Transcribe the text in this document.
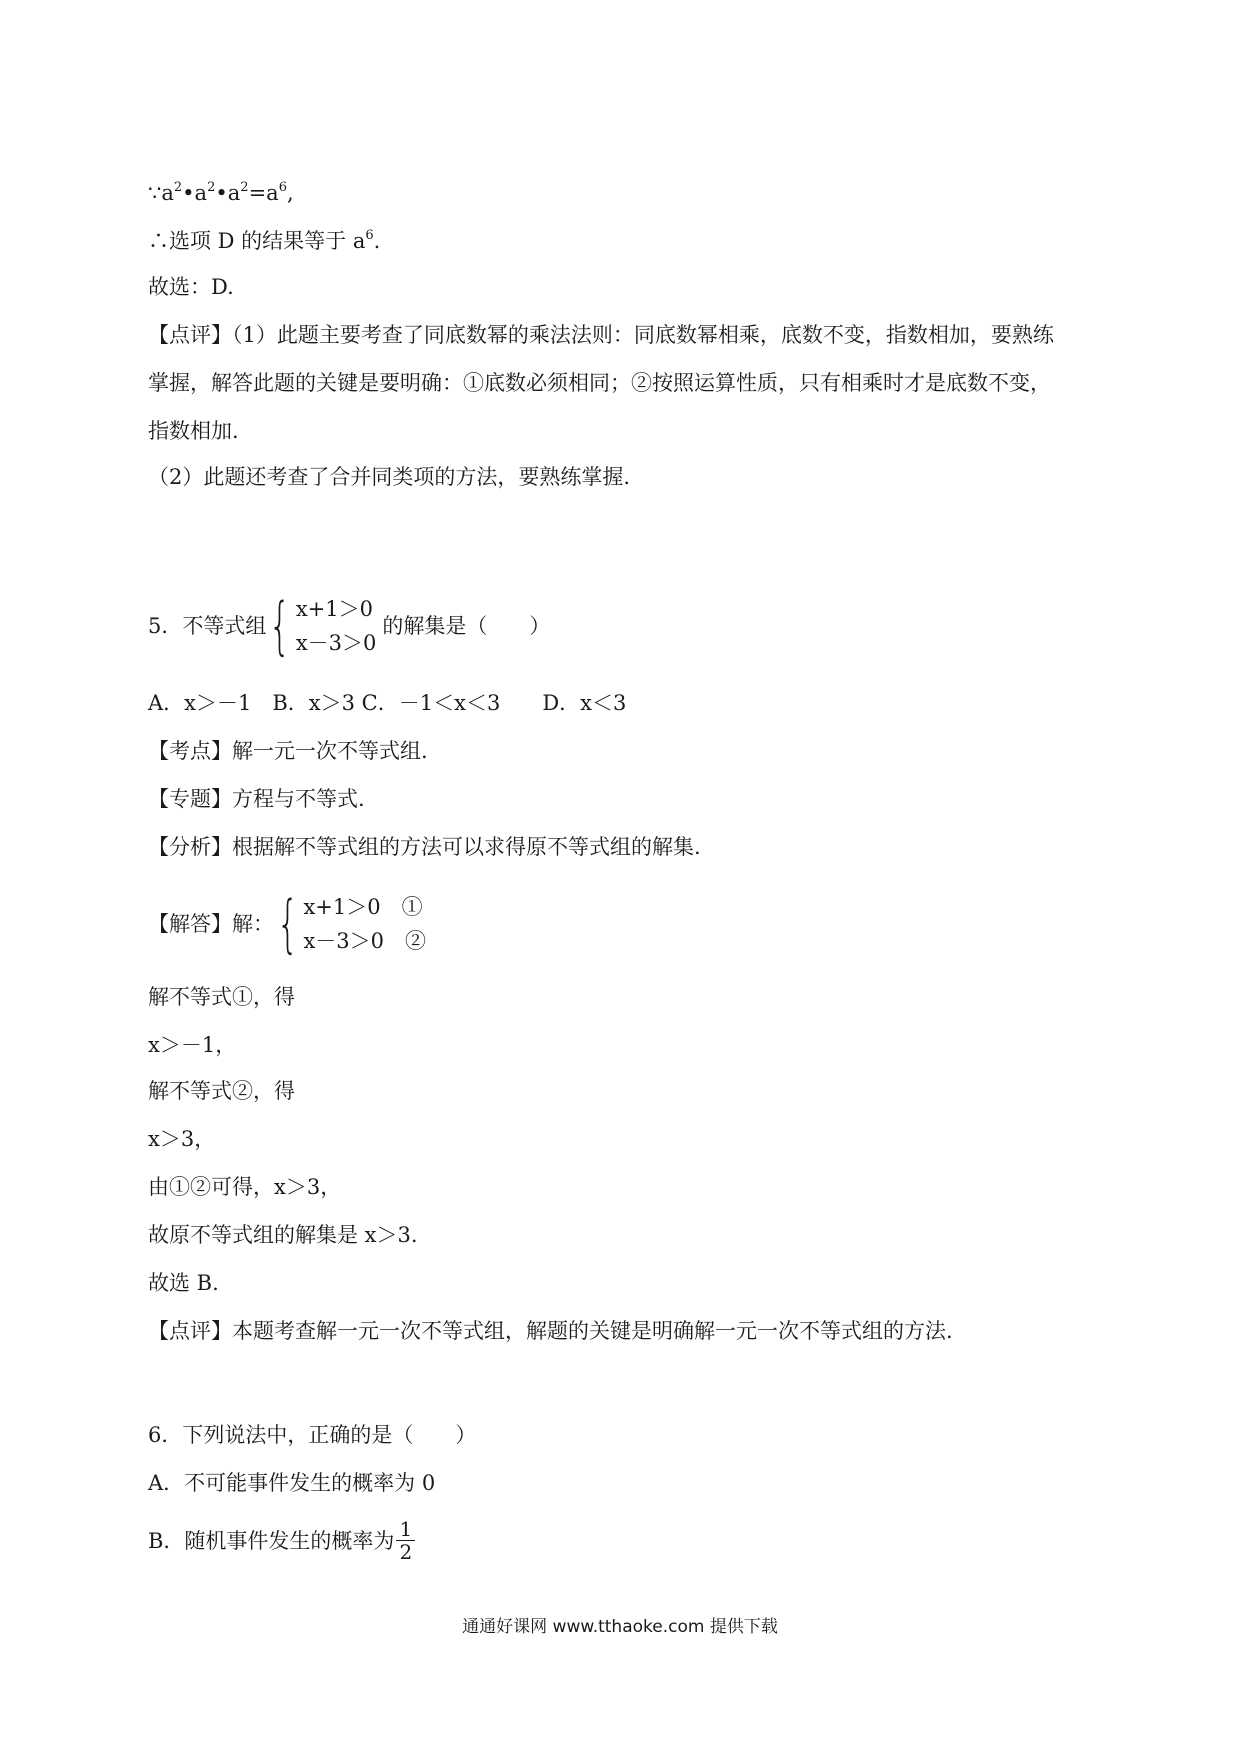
$\because a^2•a^2•a^2=a^6$,
∴选项 D 的结果等于 $a^6$.
故选：D.
【点评】（1）此题主要考查了同底数幂的乘法法则：同底数幂相乘，底数不变，指数相加，要熟练
掌握，解答此题的关键是要明确：①底数必须相同；②按照运算性质，只有相乘时才是底数不变，
指数相加.
（2）此题还考查了合并同类项的方法，要熟练掌握.
5．不等式组 { x+1＞0
x－3＞0
的解集是（　　）
A．x＞－1　B．x＞3 C．－1＜x＜3　　D．x＜3
【考点】解一元一次不等式组.
【专题】方程与不等式.
【分析】根据解不等式组的方法可以求得原不等式组的解集.
【解答】解： { x+1＞0　①
x－3＞0　②
解不等式①，得
x＞－1，
解不等式②，得
x＞3，
由①②可得，x＞3，
故原不等式组的解集是 x＞3.
故选 B.
【点评】本题考查解一元一次不等式组，解题的关键是明确解一元一次不等式组的方法.
6．下列说法中，正确的是（　　）
A．不可能事件发生的概率为 0
B．随机事件发生的概率为 $\frac{1}{2}$
通通好课网 www.tthaoke.com 提供下载
